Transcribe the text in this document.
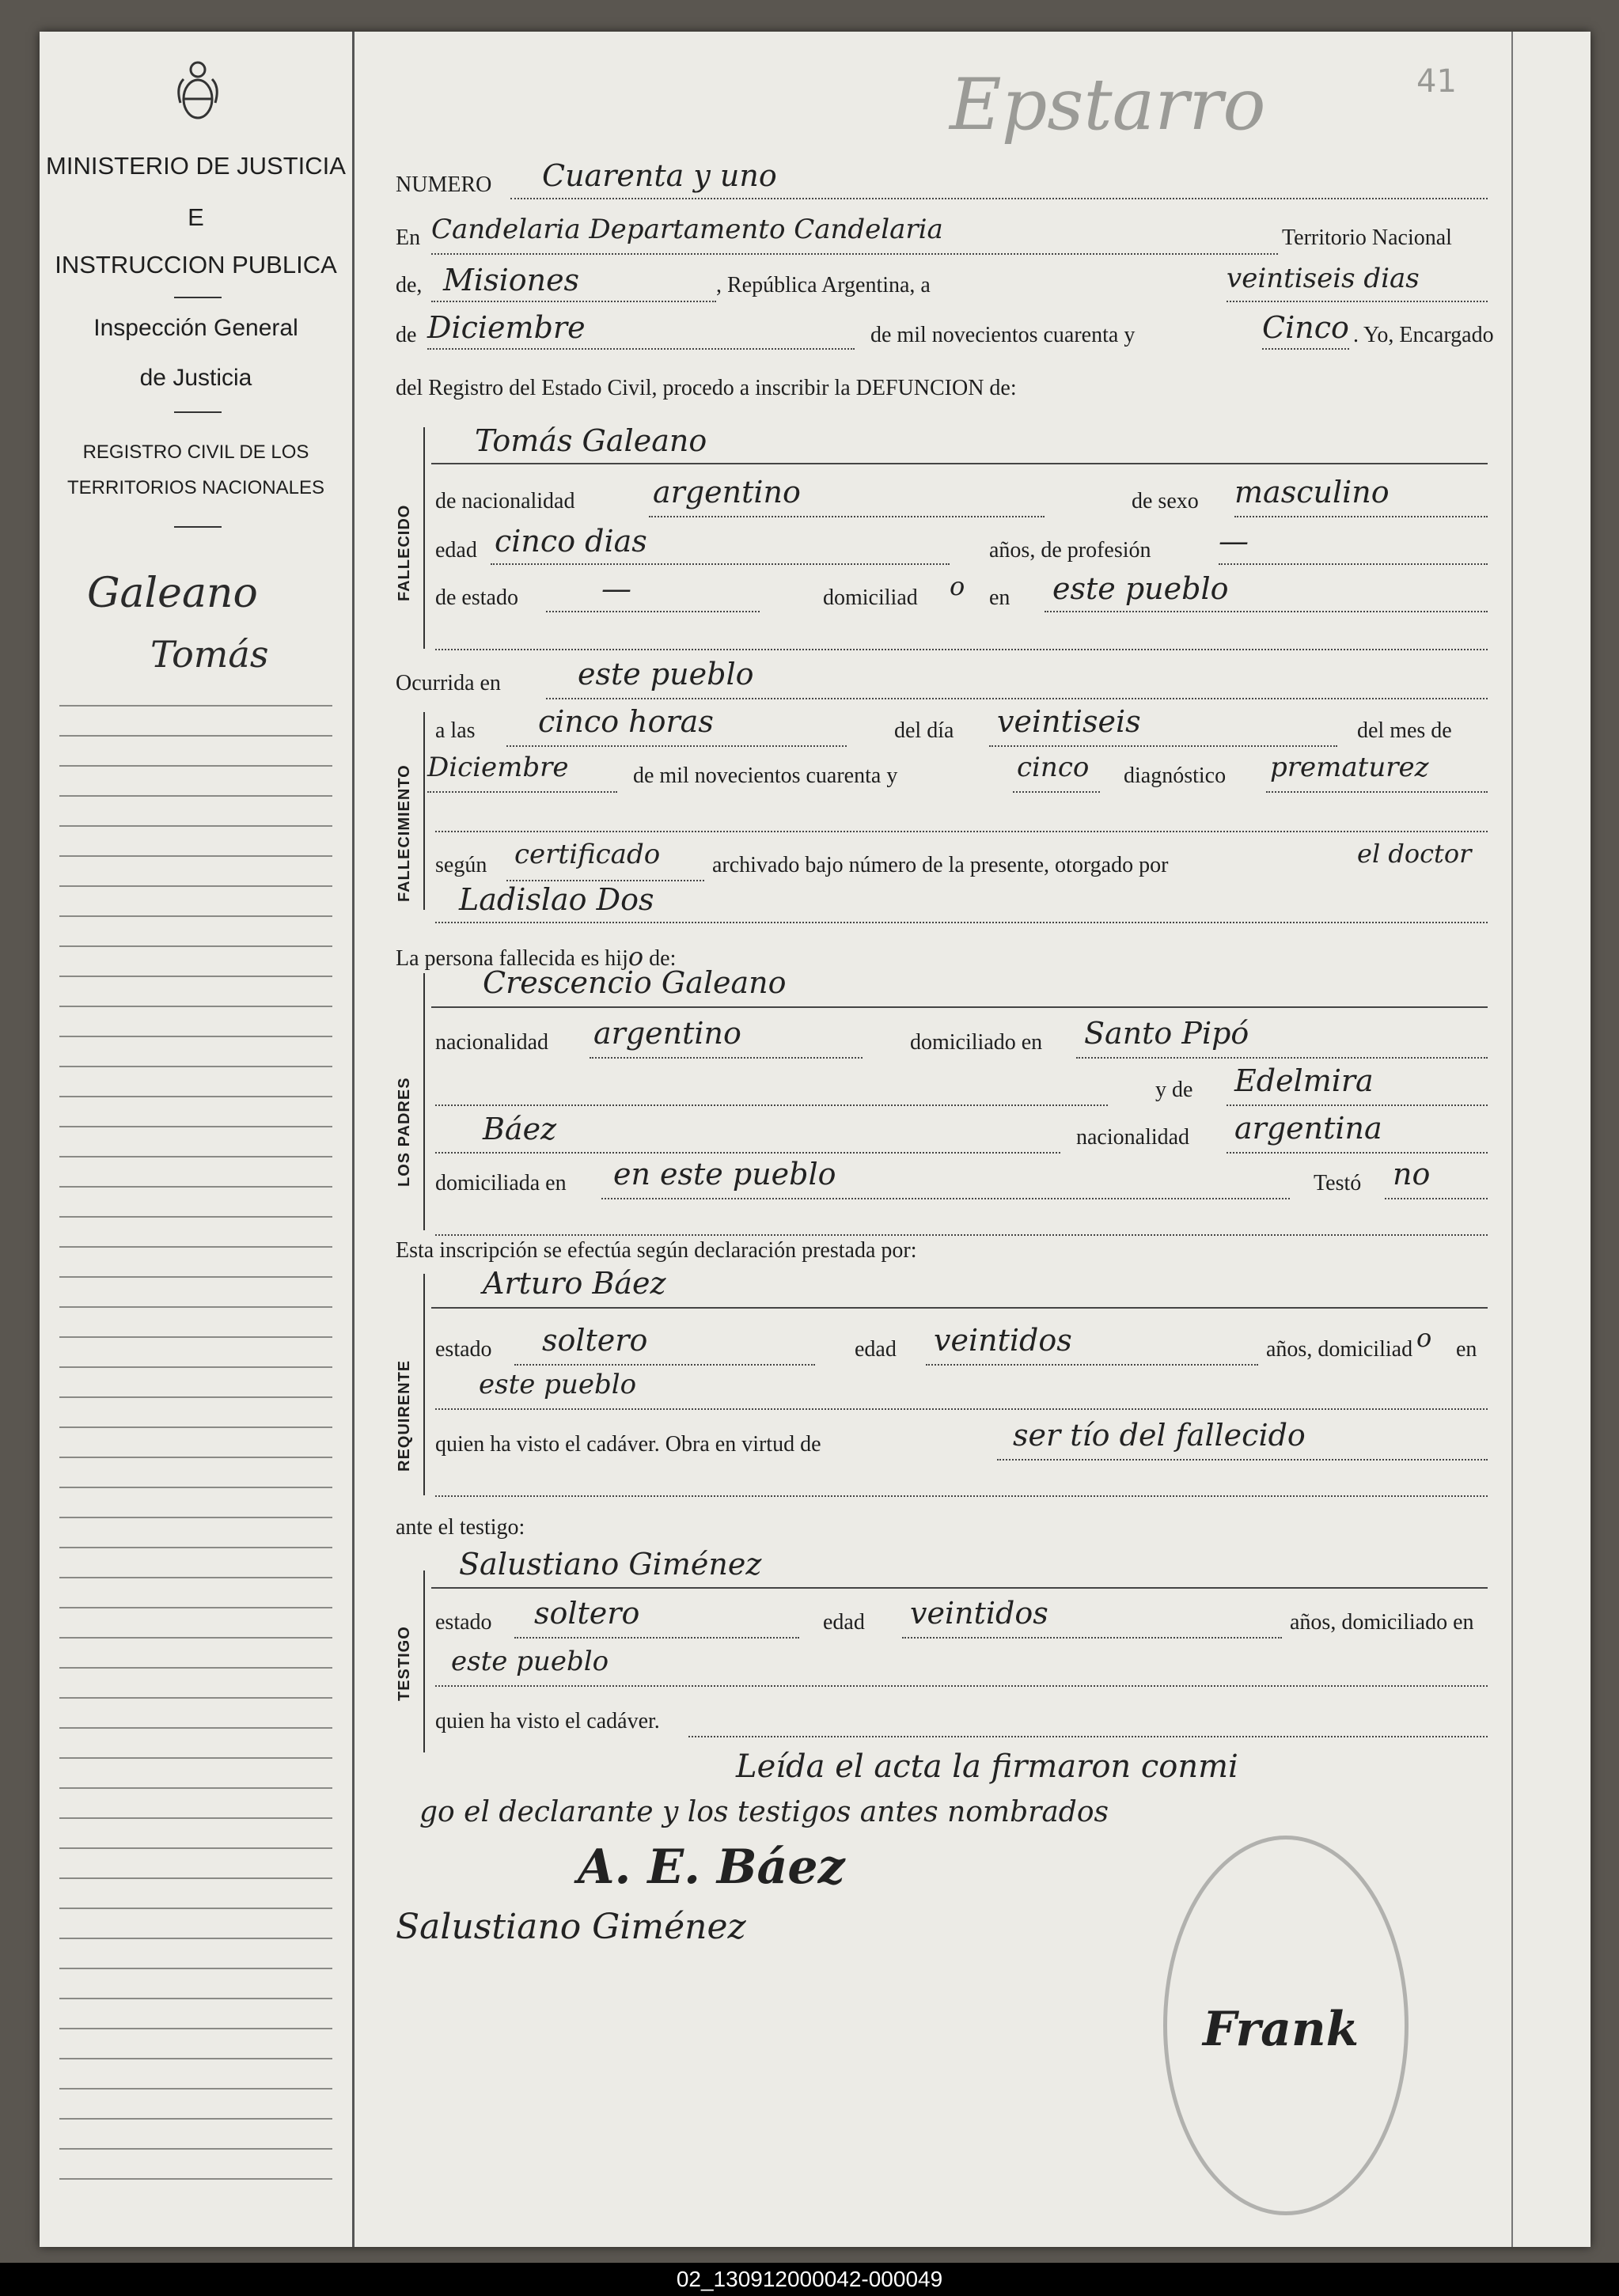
MINISTERIO DE JUSTICIA
E
INSTRUCCION PUBLICA
Inspección General
de Justicia
REGISTRO CIVIL DE LOS
TERRITORIOS NACIONALES
Galeano
Tomás
41
Epstarro
NUMERO Cuarenta y uno
En Candelaria Departamento Candelaria	Territorio Nacional
de, Misiones	, República Argentina, a	veintiseis dias
de Diciembre	de mil novecientos cuarenta y	Cinco . Yo, Encargado
del Registro del Estado Civil, procedo a inscribir la DEFUNCION de:
FALLECIDO
Tomás Galeano
de nacionalidad	argentino	de sexo masculino
edad cinco dias	años, de profesión —
de estado	—	domiciliad o en este pueblo
Ocurrida en	este pueblo
FALLECIMIENTO
a las cinco horas	del día veintiseis	del mes de
Diciembre	de mil novecientos cuarenta y	cinco diagnóstico prematurez
según certificado archivado bajo número de la presente, otorgado por	el doctor
Ladislao Dos
La persona fallecida es hijo de:
LOS PADRES
Crescencio Galeano
nacionalidad argentino	domiciliado en Santo Pipó
y de Edelmira
Báez	nacionalidad argentina
domiciliada en en este pueblo	Testó no
Esta inscripción se efectúa según declaración prestada por:
REQUIRENTE
Arturo Báez
estado soltero	edad veintidos	años, domiciliad o en
este pueblo
quien ha visto el cadáver. Obra en virtud de	ser tío del fallecido
ante el testigo:
TESTIGO
Salustiano Giménez
estado soltero	edad veintidos	años, domiciliado en
este pueblo
quien ha visto el cadáver.
Leída el acta la firmaron conmi
go el declarante y los testigos antes nombrados
A. E. Báez
Salustiano Giménez
Frank
02_130912000042-000049
